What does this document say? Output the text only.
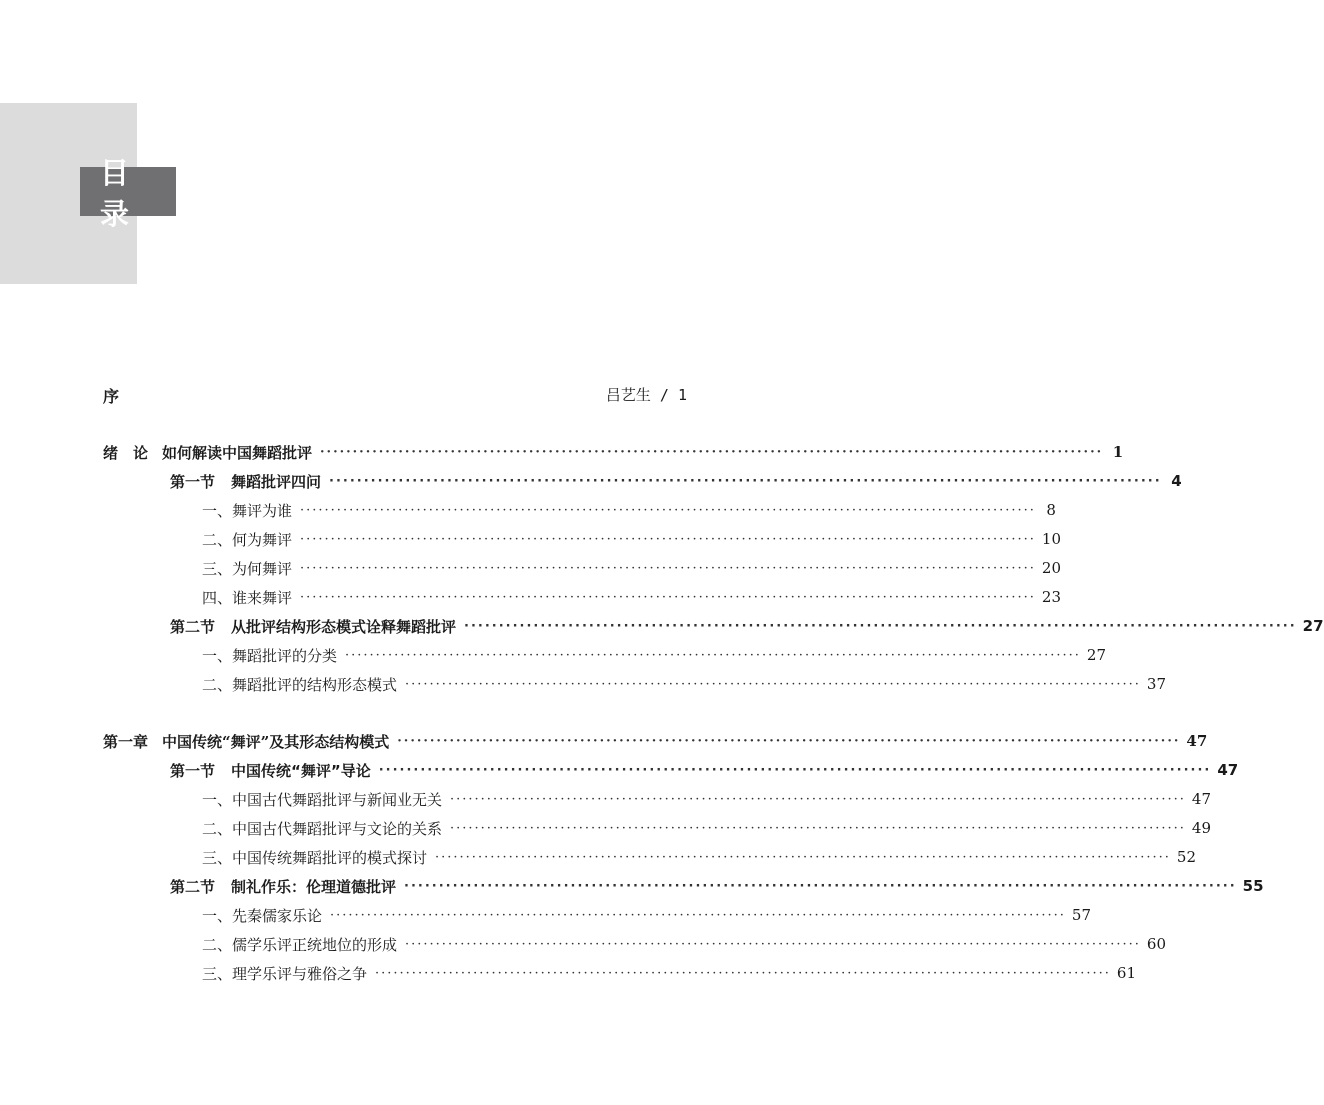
目 录
序	吕艺生 / 1
绪　论 如何解读中国舞蹈批评 ························································································································ 1
第一节 舞蹈批评四问 ························································································································ 4
一、舞评为谁 ························································································································ 8
二、何为舞评 ························································································································ 10
三、为何舞评 ························································································································ 20
四、谁来舞评 ························································································································ 23
第二节 从批评结构形态模式诠释舞蹈批评 ························································································································ 27
一、舞蹈批评的分类 ························································································································ 27
二、舞蹈批评的结构形态模式 ························································································································ 37
第一章 中国传统“舞评”及其形态结构模式 ························································································································ 47
第一节 中国传统“舞评”导论 ························································································································ 47
一、中国古代舞蹈批评与新闻业无关 ························································································································ 47
二、中国古代舞蹈批评与文论的关系 ························································································································ 49
三、中国传统舞蹈批评的模式探讨 ························································································································ 52
第二节 制礼作乐：伦理道德批评 ························································································································ 55
一、先秦儒家乐论 ························································································································ 57
二、儒学乐评正统地位的形成 ························································································································ 60
三、理学乐评与雅俗之争 ························································································································ 61
